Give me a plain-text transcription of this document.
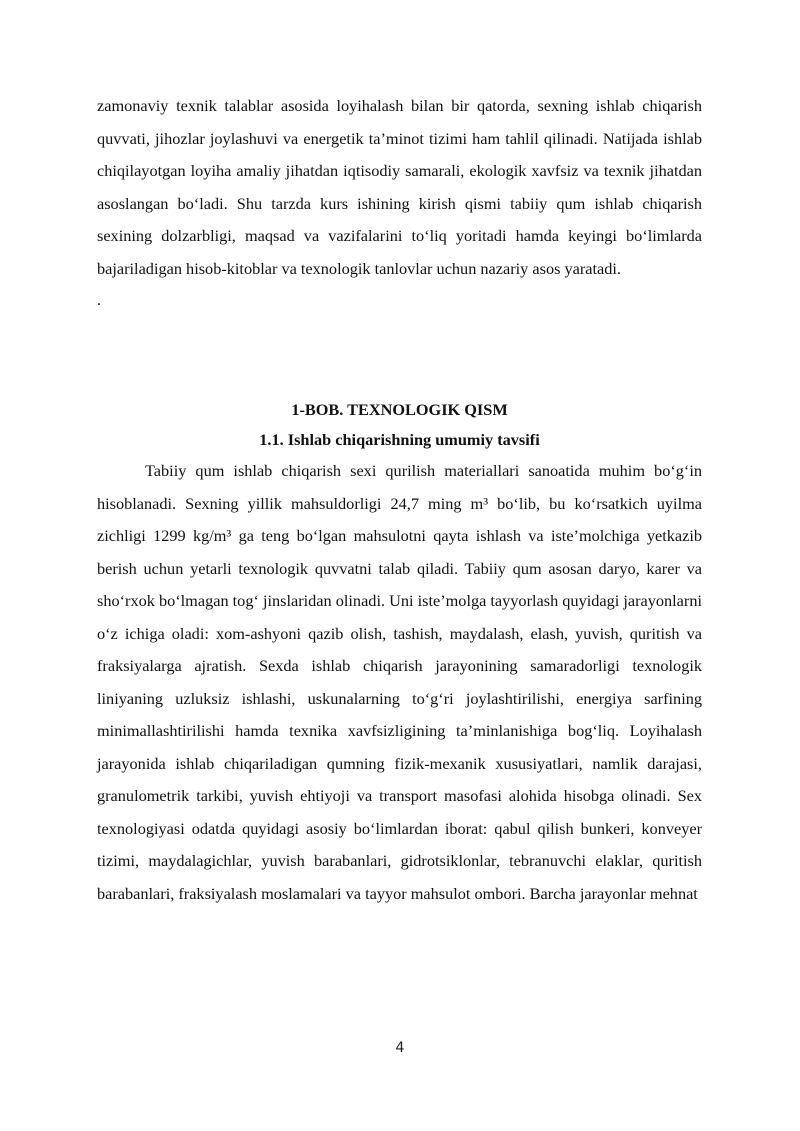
zamonaviy texnik talablar asosida loyihalash bilan bir qatorda, sexning ishlab chiqarish quvvati, jihozlar joylashuvi va energetik ta’minot tizimi ham tahlil qilinadi. Natijada ishlab chiqilayotgan loyiha amaliy jihatdan iqtisodiy samarali, ekologik xavfsiz va texnik jihatdan asoslangan bo‘ladi. Shu tarzda kurs ishining kirish qismi tabiiy qum ishlab chiqarish sexining dolzarbligi, maqsad va vazifalarini to‘liq yoritadi hamda keyingi bo‘limlarda bajariladigan hisob-kitoblar va texnologik tanlovlar uchun nazariy asos yaratadi.

.

1-BOB. TEXNOLOGIK QISM

1.1. Ishlab chiqarishning umumiy tavsifi

Tabiiy qum ishlab chiqarish sexi qurilish materiallari sanoatida muhim bo‘g‘in hisoblanadi. Sexning yillik mahsuldorligi 24,7 ming m³ bo‘lib, bu ko‘rsatkich uyilma zichligi 1299 kg/m³ ga teng bo‘lgan mahsulotni qayta ishlash va iste’molchiga yetkazib berish uchun yetarli texnologik quvvatni talab qiladi. Tabiiy qum asosan daryo, karer va sho‘rxok bo‘lmagan tog‘ jinslaridan olinadi. Uni iste’molga tayyorlash quyidagi jarayonlarni o‘z ichiga oladi: xom-ashyoni qazib olish, tashish, maydalash, elash, yuvish, quritish va fraksiyalarga ajratish. Sexda ishlab chiqarish jarayonining samaradorligi texnologik liniyaning uzluksiz ishlashi, uskunalarning to‘g‘ri joylashtirilishi, energiya sarfining minimallashtirilishi hamda texnika xavfsizligining ta’minlanishiga bog‘liq. Loyihalash jarayonida ishlab chiqariladigan qumning fizik-mexanik xususiyatlari, namlik darajasi, granulometrik tarkibi, yuvish ehtiyoji va transport masofasi alohida hisobga olinadi. Sex texnologiyasi odatda quyidagi asosiy bo‘limlardan iborat: qabul qilish bunkeri, konveyer tizimi, maydalagichlar, yuvish barabanlari, gidrotsiklonlar, tebranuvchi elaklar, quritish barabanlari, fraksiyalash moslamalari va tayyor mahsulot ombori. Barcha jarayonlar mehnat

4
